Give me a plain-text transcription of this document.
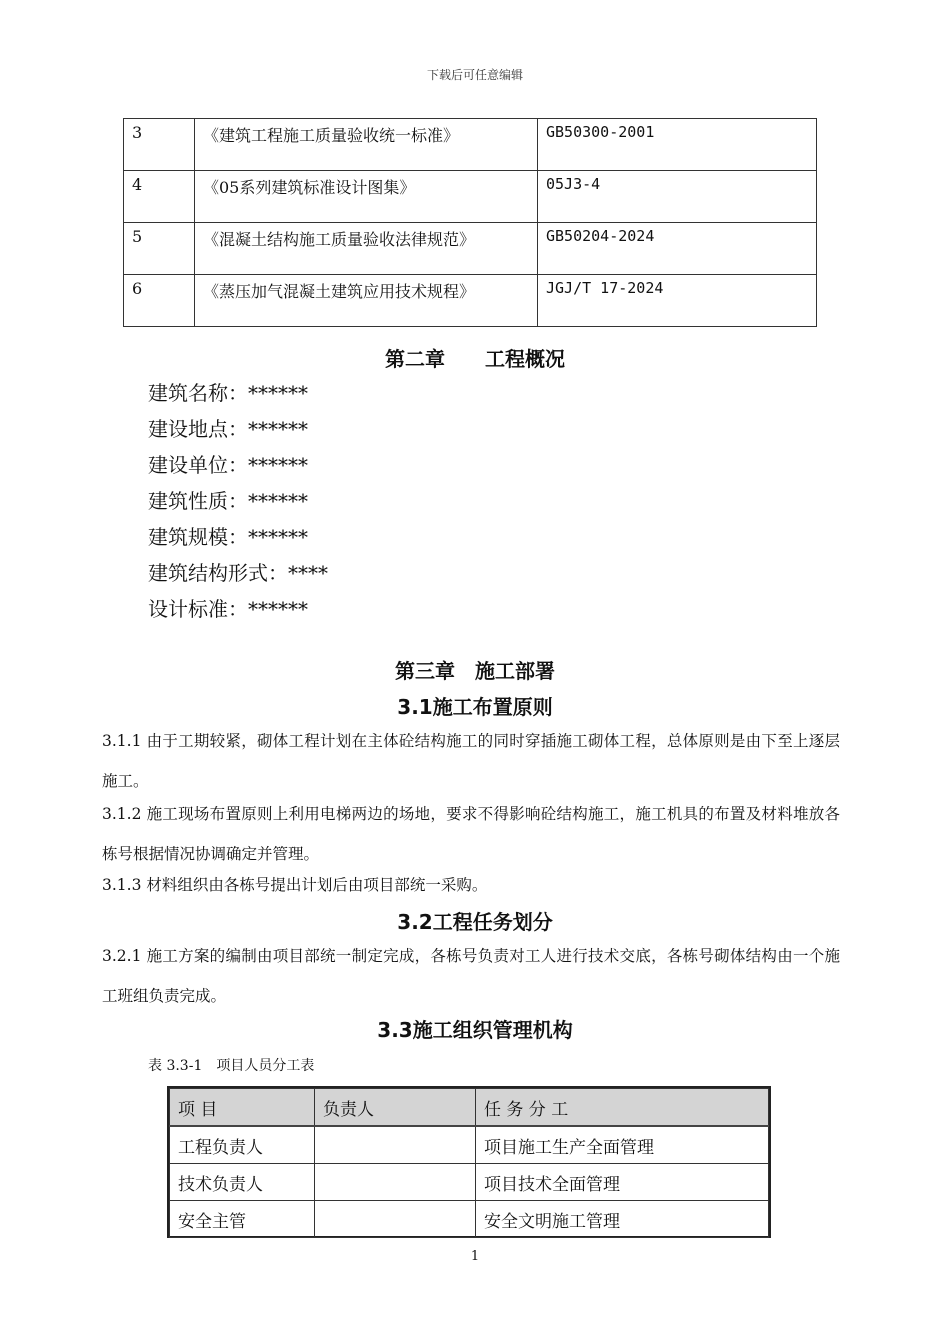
下载后可任意编辑
3	《建筑工程施工质量验收统一标准》	GB50300-2001
4	《05系列建筑标准设计图集》	05J3-4
5	《混凝土结构施工质量验收法律规范》	GB50204-2024
6	《蒸压加气混凝土建筑应用技术规程》	JGJ/T 17-2024
第二章　　工程概况
建筑名称：******
建设地点：******
建设单位：******
建筑性质：******
建筑规模：******
建筑结构形式：****
设计标准：******
第三章　施工部署
3.1施工布置原则
3.1.1 由于工期较紧，砌体工程计划在主体砼结构施工的同时穿插施工砌体工程，总体原则是由下至上逐层施工。
3.1.2 施工现场布置原则上利用电梯两边的场地，要求不得影响砼结构施工，施工机具的布置及材料堆放各栋号根据情况协调确定并管理。
3.1.3 材料组织由各栋号提出计划后由项目部统一采购。
3.2工程任务划分
3.2.1 施工方案的编制由项目部统一制定完成，各栋号负责对工人进行技术交底，各栋号砌体结构由一个施工班组负责完成。
3.3施工组织管理机构
表 3.3-1　项目人员分工表
项 目	负责人	任 务 分 工
工程负责人		项目施工生产全面管理
技术负责人		项目技术全面管理
安全主管		安全文明施工管理
1
